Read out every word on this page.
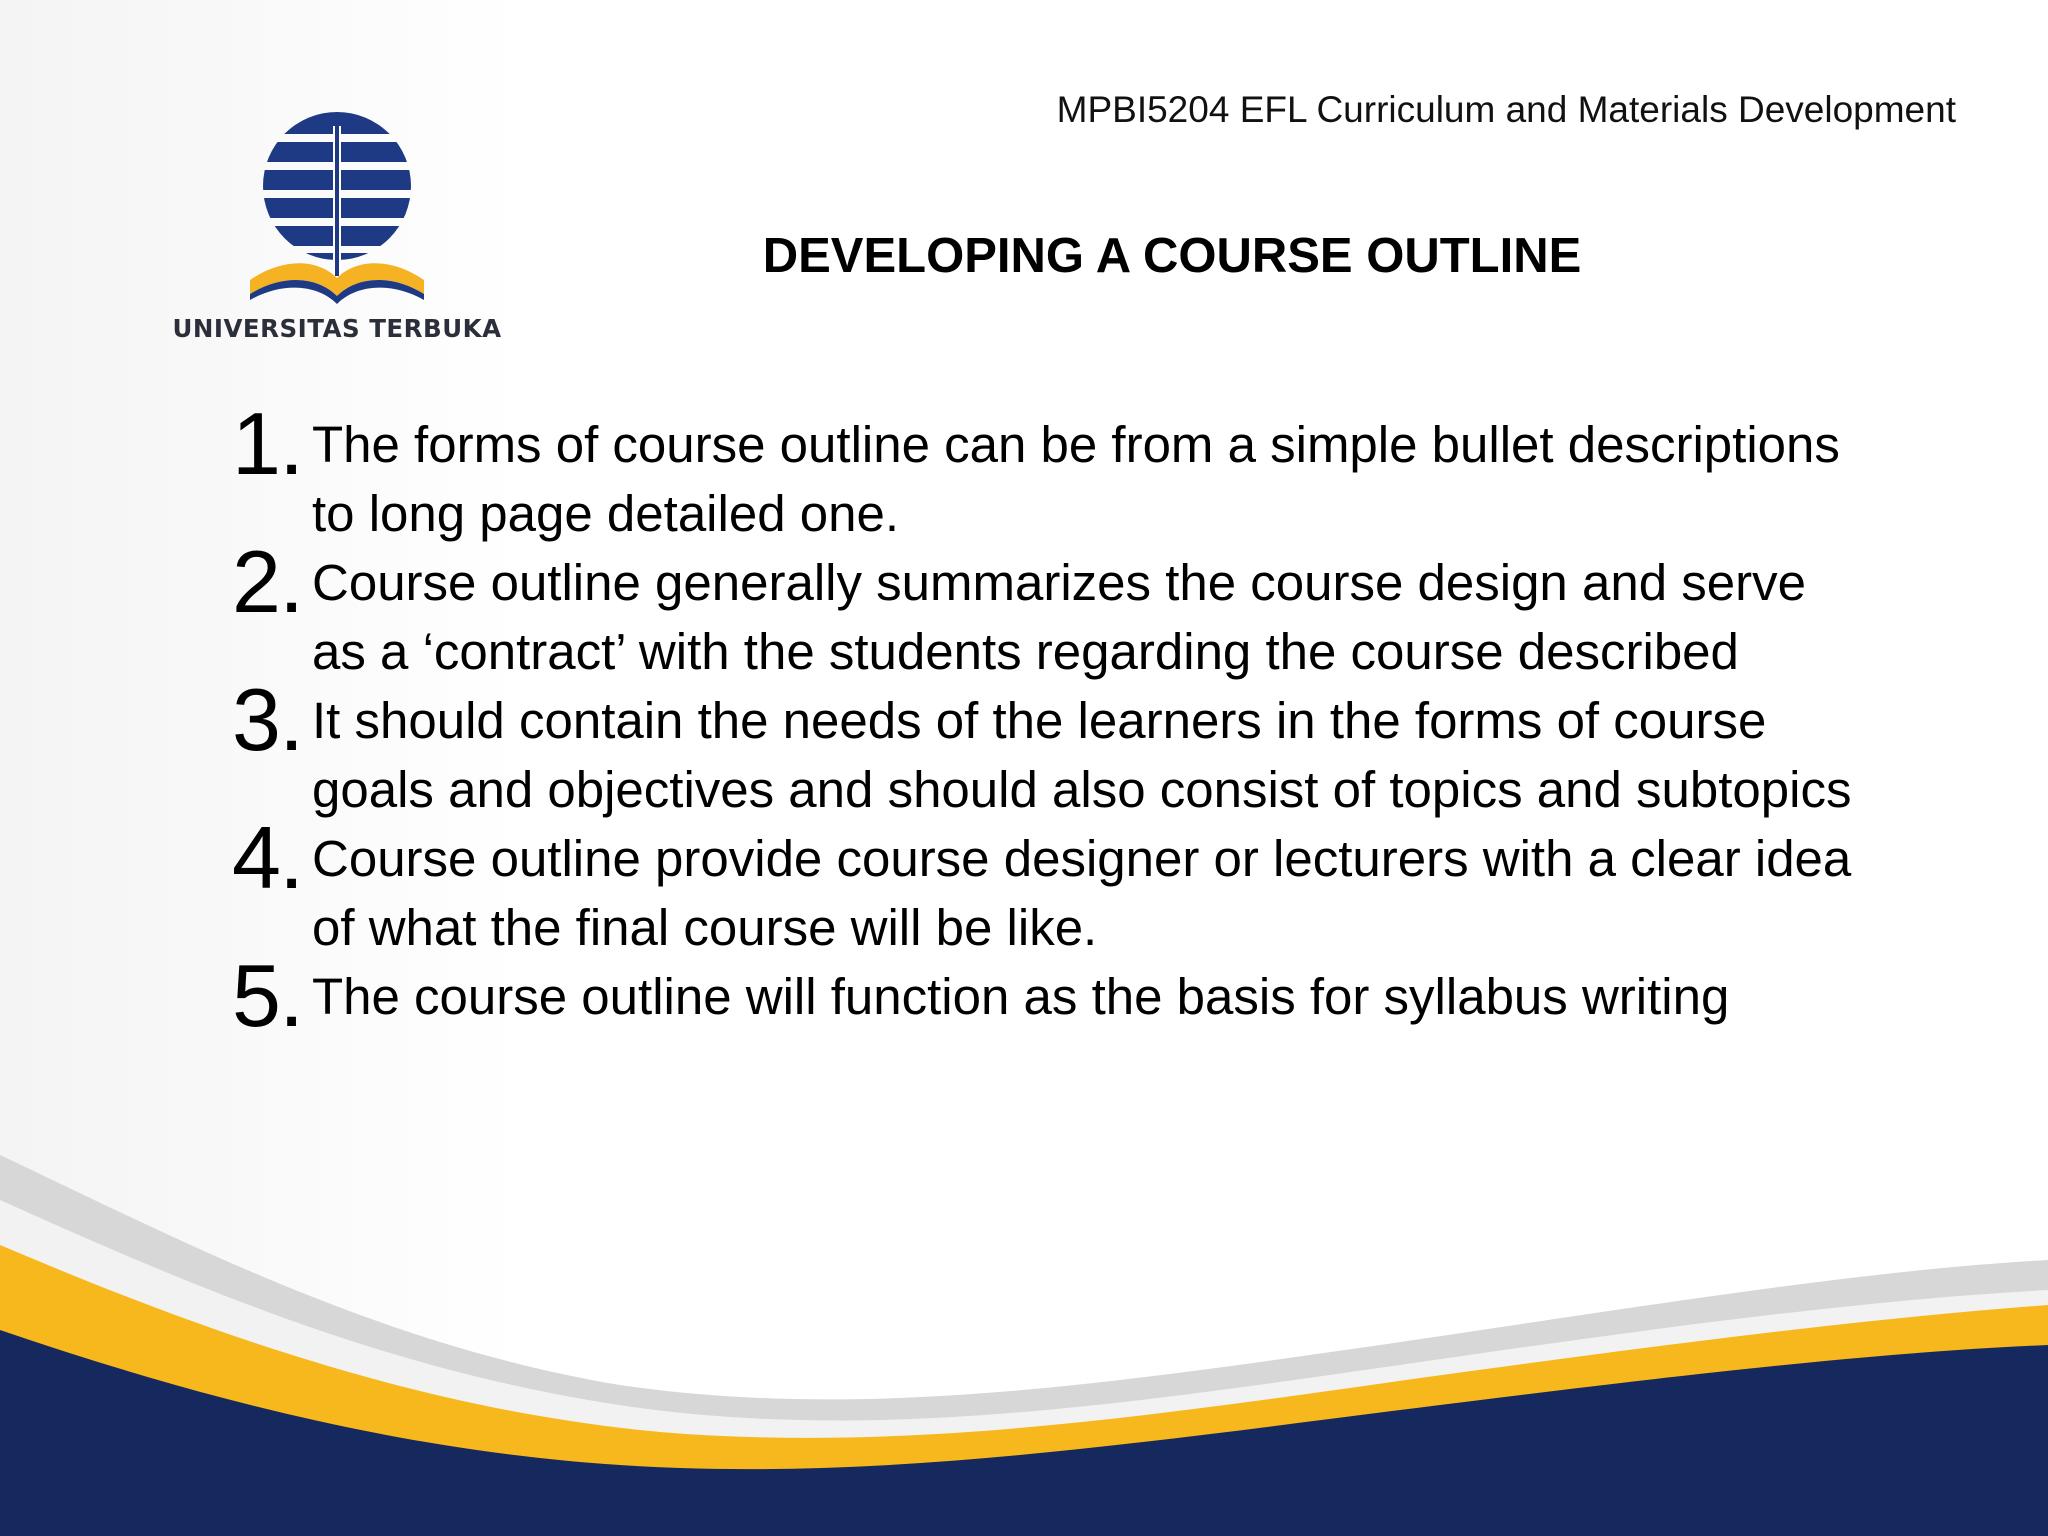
UNIVERSITAS TERBUKA
MPBI5204 EFL Curriculum and Materials Development
DEVELOPING A COURSE OUTLINE
1. The forms of course outline can be from a simple bullet descriptions to long page detailed one.
2. Course outline generally summarizes the course design and serve as a ‘contract’ with the students regarding the course described
3. It should contain the needs of the learners in the forms of course goals and objectives and should also consist of topics and subtopics
4. Course outline provide course designer or lecturers with a clear idea of what the final course will be like.
5. The course outline will function as the basis for syllabus writing
